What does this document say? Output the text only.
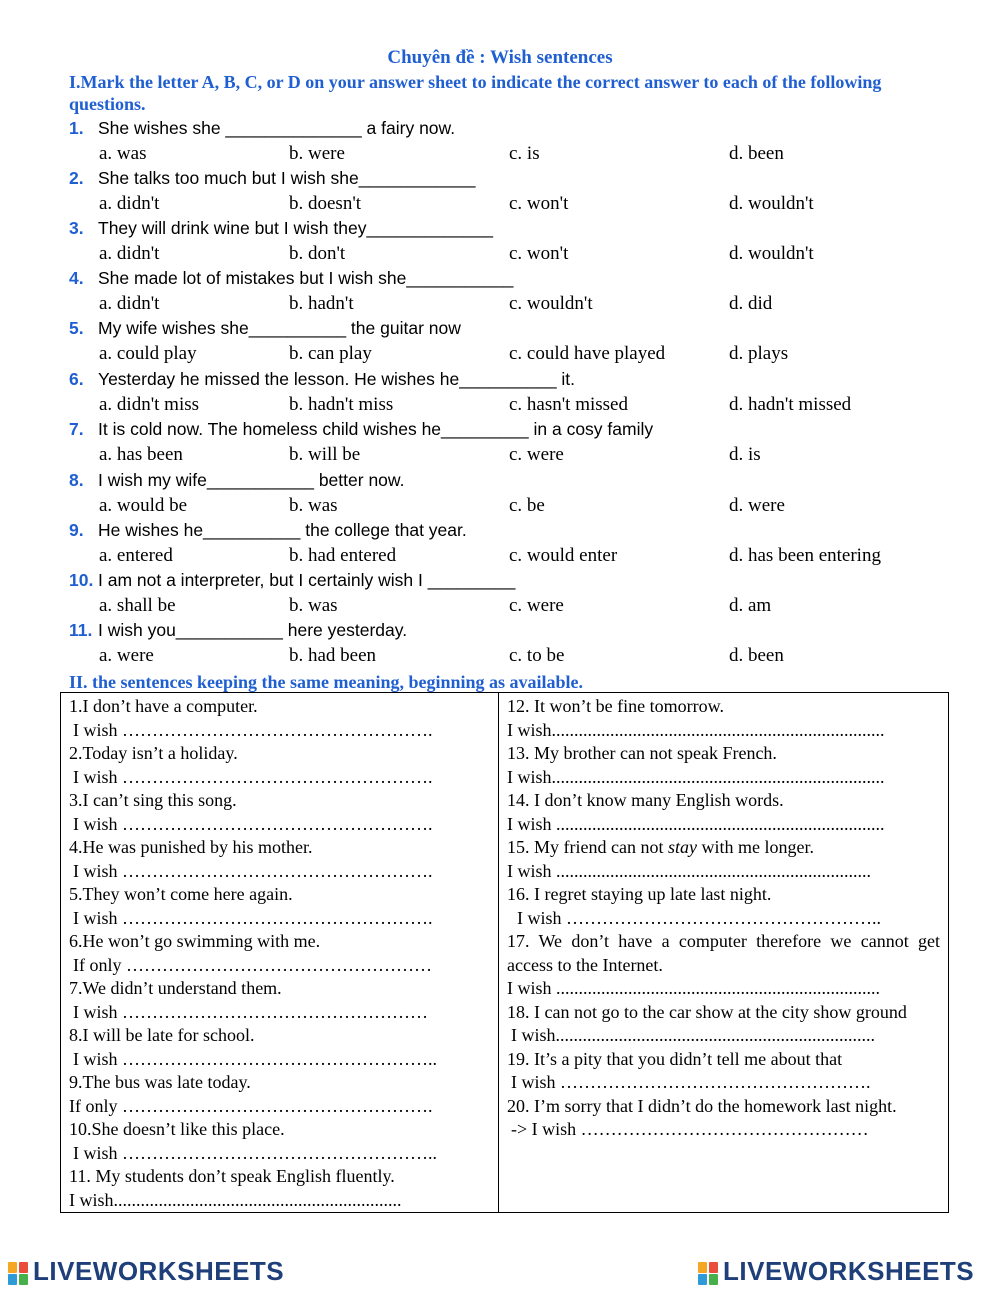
Chuyên đề : Wish sentences
I.Mark the letter A, B, C, or D on your answer sheet to indicate the correct answer to each of the following questions.
1. She wishes she ______________ a fairy now.
a. was	b. were	c. is	d. been
2. She talks too much but I wish she____________
a. didn't	b. doesn't	c. won't	d. wouldn't
3. They will drink wine but I wish they_____________
a. didn't	b. don't	c. won't	d. wouldn't
4. She made lot of mistakes but I wish she___________
a. didn't	b. hadn't	c. wouldn't	d. did
5. My wife wishes she__________ the guitar now
a. could play	b. can play	c. could have played	d. plays
6. Yesterday he missed the lesson. He wishes he__________ it.
a. didn't miss	b. hadn't miss	c. hasn't missed	d. hadn't missed
7. It is cold now. The homeless child wishes he_________ in a cosy family
a. has been	b. will be	c. were	d. is
8. I wish my wife___________ better now.
a. would be	b. was	c. be	d. were
9. He wishes he__________ the college that year.
a. entered	b. had entered	c. would enter	d. has been entering
10. I am not a interpreter, but I certainly wish I _________
a. shall be	b. was	c. were	d. am
11. I wish you___________ here yesterday.
a. were	b. had been	c. to be	d. been
II. the sentences keeping the same meaning, beginning as available.
1.I don’t have a computer.
I wish …………………………………………….
2.Today isn’t a holiday.
I wish …………………………………………….
3.I can’t sing this song.
I wish …………………………………………….
4.He was punished by his mother.
I wish …………………………………………….
5.They won’t come here again.
I wish …………………………………………….
6.He won’t go swimming with me.
If only ……………………………………………
7.We didn’t understand them.
I wish ……………………………………………
8.I will be late for school.
I wish ……………………………………………..
9.The bus was late today.
If only …………………………………………….
10.She doesn’t like this place.
I wish ……………………………………………..
11. My students don’t speak English fluently.
I wish................................................................

12. It won’t be fine tomorrow.
I wish..........................................................................
13. My brother can not speak French.
I wish..........................................................................
14. I don’t know many English words.
I wish .........................................................................
15. My friend can not stay with me longer.
I wish ......................................................................
16. I regret staying up late last night.
I wish ……………………………………………..
17. We don’t have a computer therefore we cannot get access to the Internet.
I wish ........................................................................
18. I can not go to the car show at the city show ground
I wish.......................................................................
19. It’s a pity that you didn’t tell me about that
I wish …………………………………………….
20. I’m sorry that I didn’t do the homework last night.
-> I wish …………………………………………
LIVEWORKSHEETS	LIVEWORKSHEETS
